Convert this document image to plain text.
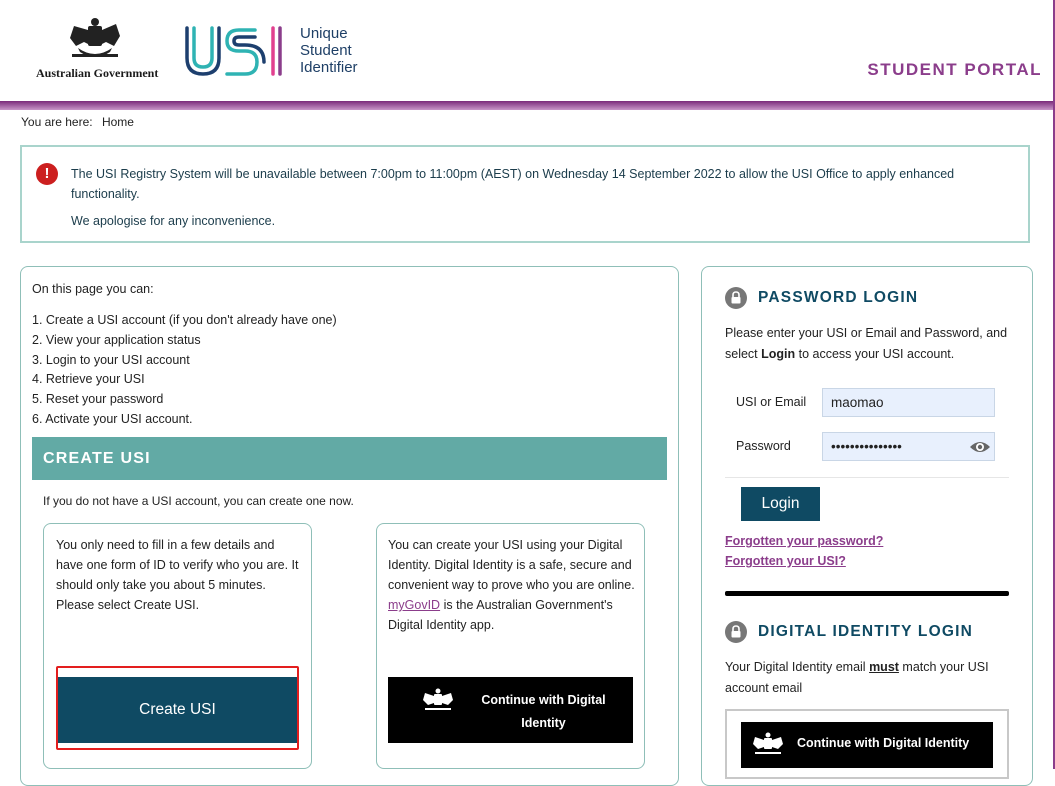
Australian Government
Unique
Student
Identifier	STUDENT PORTAL
You are here: Home
!	The USI Registry System will be unavailable between 7:00pm to 11:00pm (AEST) on Wednesday 14 September 2022 to allow the USI Office to apply enhanced functionality.
We apologise for any inconvenience.
On this page you can:
1. Create a USI account (if you don't already have one)
2. View your application status
3. Login to your USI account
4. Retrieve your USI
5. Reset your password
6. Activate your USI account.
CREATE USI
If you do not have a USI account, you can create one now.
You only need to fill in a few details and have one form of ID to verify who you are. It should only take you about 5 minutes. Please select Create USI.
Create USI
You can create your USI using your Digital Identity. Digital Identity is a safe, secure and convenient way to prove who you are online. myGovID is the Australian Government's Digital Identity app.
Continue with Digital Identity
PASSWORD LOGIN
Please enter your USI or Email and Password, and select Login to access your USI account.
USI or Email
maomao
Password
•••••••••••••••
Login
Forgotten your password?
Forgotten your USI?
DIGITAL IDENTITY LOGIN
Your Digital Identity email must match your USI account email
Continue with Digital Identity
